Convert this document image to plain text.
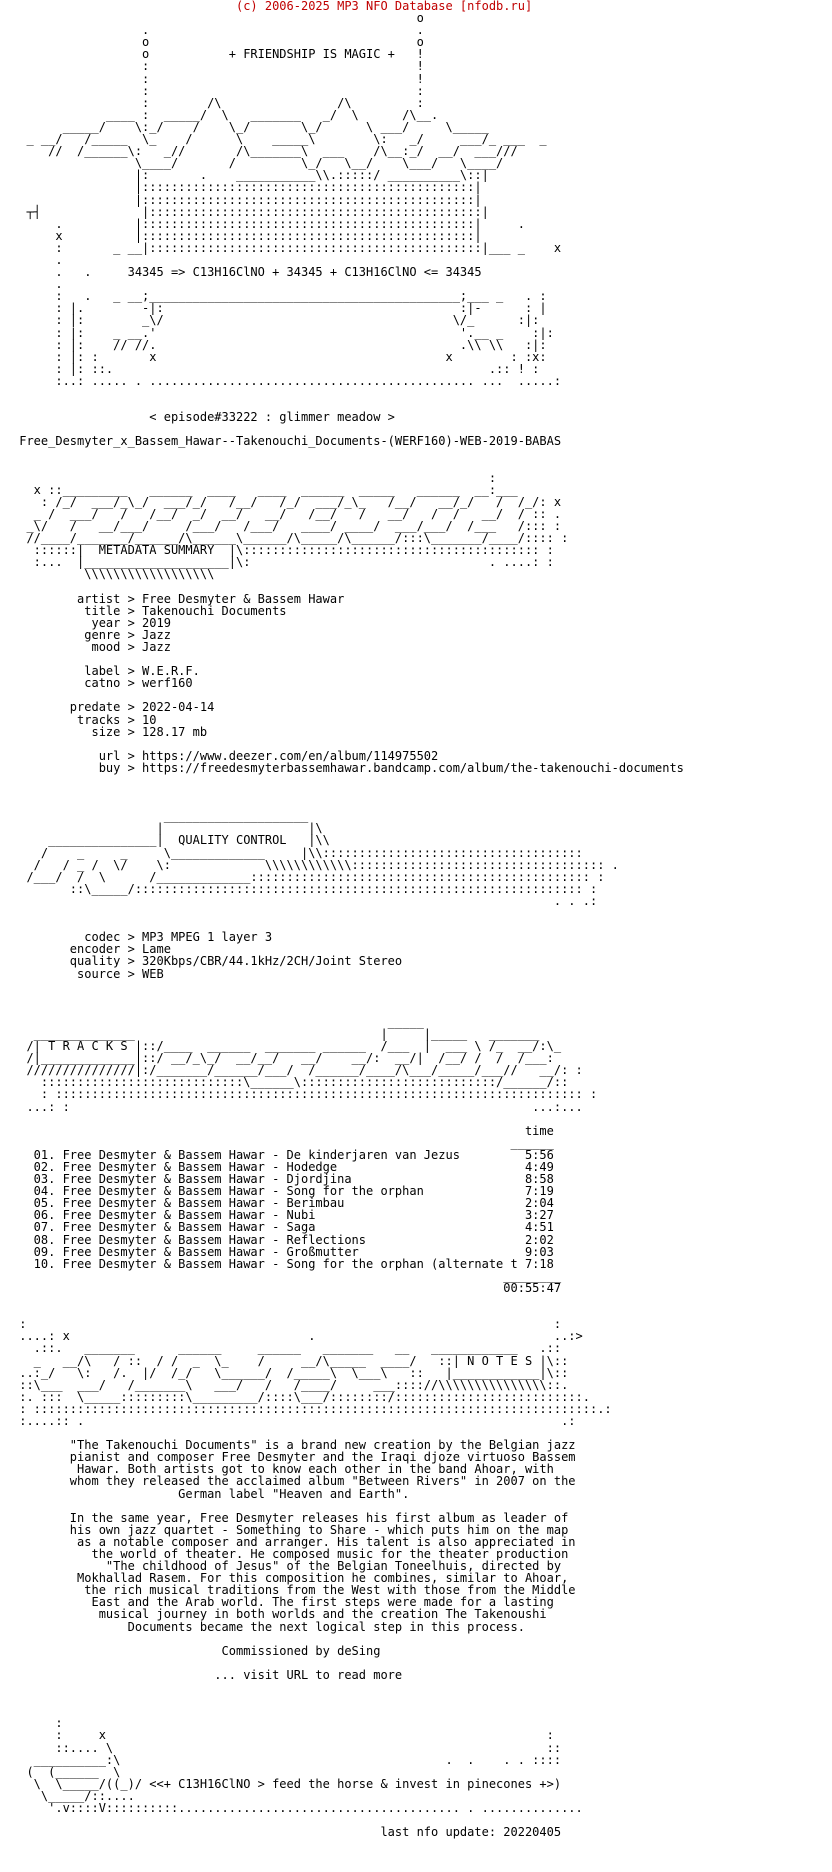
(c) 2006-2025 MP3 NFO Database [nfodb.ru]
o
.                                     .
o                                     o
o           + FRIENDSHIP IS MAGIC +   !
:                                     !
:                                     !
:                                     :
:        /\                /\         :
____ :  _____/  \   _______   _/  \      /\__.
_____/    \:_/    /    \_/       \_/      \ ___/     \_____
_ __/   /_____  \_    /      \    _____\        \:   _/     ___/_ ___  _
//  /______\:   _//       /\_______\  ___    /\__:_/  __/  ___///
\____/       /         \_/   \__/    \___/   \____/
|:       .    ___________\\.:::::/ __________\::|
|::::::::::::::::::::::::::::::::::::::::::::::|
|::::::::::::::::::::::::::::::::::::::::::::::|
┬┤              |::::::::::::::::::::::::::::::::::::::::::::::|
.          |::::::::::::::::::::::::::::::::::::::::::::::|     .
x          |::::::::::::::::::::::::::::::::::::::::::::::|
:       _ __|::::::::::::::::::::::::::::::::::::::::::::::|___ _    x
.
.   .     34345 => C13H16ClNO + 34345 + C13H16ClNO <= 34345
.
:   .   _ __;___________________________________________;___ _   . :
: |.        -|:                                         :|-      : |
: |:        _\/                                        \/_      :|:
: |:    _ __.'                                          '.__ _    :|:
: |:    // //.                                          .\\ \\   :|:
: |: :       x                                        x        : :x:
: |: ::.                                                    .:: ! :
:..: ..... . ............................................. ...  .....:

< episode#33222 : glimmer meadow >

Free_Desmyter_x_Bassem_Hawar--Takenouchi_Documents-(WERF160)-WEB-2019-BABAS

:
x ::_________   ______  ____   ____  ______  _____   ______  __:___
: /_/  ___/_\_/  ___/_/   /__/   /_/  ___/_\_   /__/   __/_/   /  /_/: x
_ /  ___/   /   /__/  _/  __/   __/   /__/   /   __/   /  /   __/  / :: .
_\/   /   __/___/     /___/   /___/   ____/ ____/  ___/___/  /___   /::: :
//____/_______/______/\______\______/\_____/\______/:::\_______/____/:::: :
::::::|  METADATA SUMMARY  |\::::::::::::::::::::::::::::::::::::::::: :
:...  |____________________|\:                                 . ....: :
\\\\\\\\\\\\\\\\\\

artist > Free Desmyter & Bassem Hawar
title > Takenouchi Documents
year > 2019
genre > Jazz
mood > Jazz

label > W.E.R.F.
catno > werf160

predate > 2022-04-14
tracks > 10
size > 128.17 mb

url > https://www.deezer.com/en/album/114975502
buy > https://freedesmyterbassemhawar.bandcamp.com/album/the-takenouchi-documents

____________________
|                    |\
_______________|  QUALITY CONTROL   |\\
/    _     _     \_____________     |\\::::::::::::::::::::::::::::::::::::
/   / _ /  \/    \:             \\\\\\\\\\\\::::::::::::::::::::::::::::::::::: .
/___/  /  \      /_____________::::::::::::::::::::::::::::::::::::::::::::::: :
::\_____/:::::::::::::::::::::::::::::::::::::::::::::::::::::::::::::: :
. . .:

codec > MP3 MPEG 1 layer 3
encoder > Lame
quality > 320Kbps/CBR/44.1kHz/2CH/Joint Stereo
source > WEB

_____
______________                                  |     |_____   _______
/| T R A C K S |::/____  ______  _______ ______  /___  |  ___ \ /_  __/:\_
/|_____________|::/ __/_\_/  __/__/   __/    __/:  __/|  /__/ /  /  /___:
///////////////|:/_______/______/___/  /______/____/\___/_____/___//   __/: :
::::::::::::::::::::::::::::\______\:::::::::::::::::::::::::::/______/::
: ::::::::::::::::::::::::::::::::::::::::::::::::::::::::::::::::::::::::: :
...: :                                                                ...:...

time
______
01. Free Desmyter & Bassem Hawar - De kinderjaren van Jezus         5:56
02. Free Desmyter & Bassem Hawar - Hodedge                          4:49
03. Free Desmyter & Bassem Hawar - Djordjina                        8:58
04. Free Desmyter & Bassem Hawar - Song for the orphan              7:19
05. Free Desmyter & Bassem Hawar - Berimbau                         2:04
06. Free Desmyter & Bassem Hawar - Nubi                             3:27
07. Free Desmyter & Bassem Hawar - Saga                             4:51
08. Free Desmyter & Bassem Hawar - Reflections                      2:02
09. Free Desmyter & Bassem Hawar - Großmutter                       9:03
10. Free Desmyter & Bassem Hawar - Song for the orphan (alternate t 7:18
________
00:55:47

:                                                                         :
....: x                                 .                                 ..:>
.::.   _______      ______     ______   _______   __   ____________   .::
_   __/\   / ::  / /  _  \_    /     __/\_____  ____/   ::| N O T E S |\::
..:_/   \:   /.  |/  /_/   \______/  /_____\  \___\   ::   |____________|\::
::\___  ___/   /_______\   ___/   /   /____/     ___:::://\\\\\\\\\\\\\\\::.
:. :::  \_____:::::::::\_________/::::\___/::::::::/::::::::::::::::::::::::::.
: ::::::::::::::::::::::::::::::::::::::::::::::::::::::::::::::::::::::::::::::.:
:....:: .                                                                  .:

"The Takenouchi Documents" is a brand new creation by the Belgian jazz
pianist and composer Free Desmyter and the Iraqi djoze virtuoso Bassem
Hawar. Both artists got to know each other in the band Ahoar, with
whom they released the acclaimed album "Between Rivers" in 2007 on the
German label "Heaven and Earth".

In the same year, Free Desmyter releases his first album as leader of
his own jazz quartet - Something to Share - which puts him on the map
as a notable composer and arranger. His talent is also appreciated in
the world of theater. He composed music for the theater production
"The childhood of Jesus" of the Belgian Toneelhuis, directed by
Mokhallad Rasem. For this composition he combines, similar to Ahoar,
the rich musical traditions from the West with those from the Middle
East and the Arab world. The first steps were made for a lasting
musical journey in both worlds and the creation The Takenoushi
Documents became the next logical step in this process.

Commissioned by deSing

... visit URL to read more

:
:     x                                                             :
::.... \                                                            ::
__________:\                                             .  .    . . ::::
(  (______  \
\  \_____/((_)/ <<+ C13H16ClNO > feed the horse & invest in pinecones +>)
\_____/::....
'.v::::V::::::::::....................................... . ..............

last nfo update: 20220405
